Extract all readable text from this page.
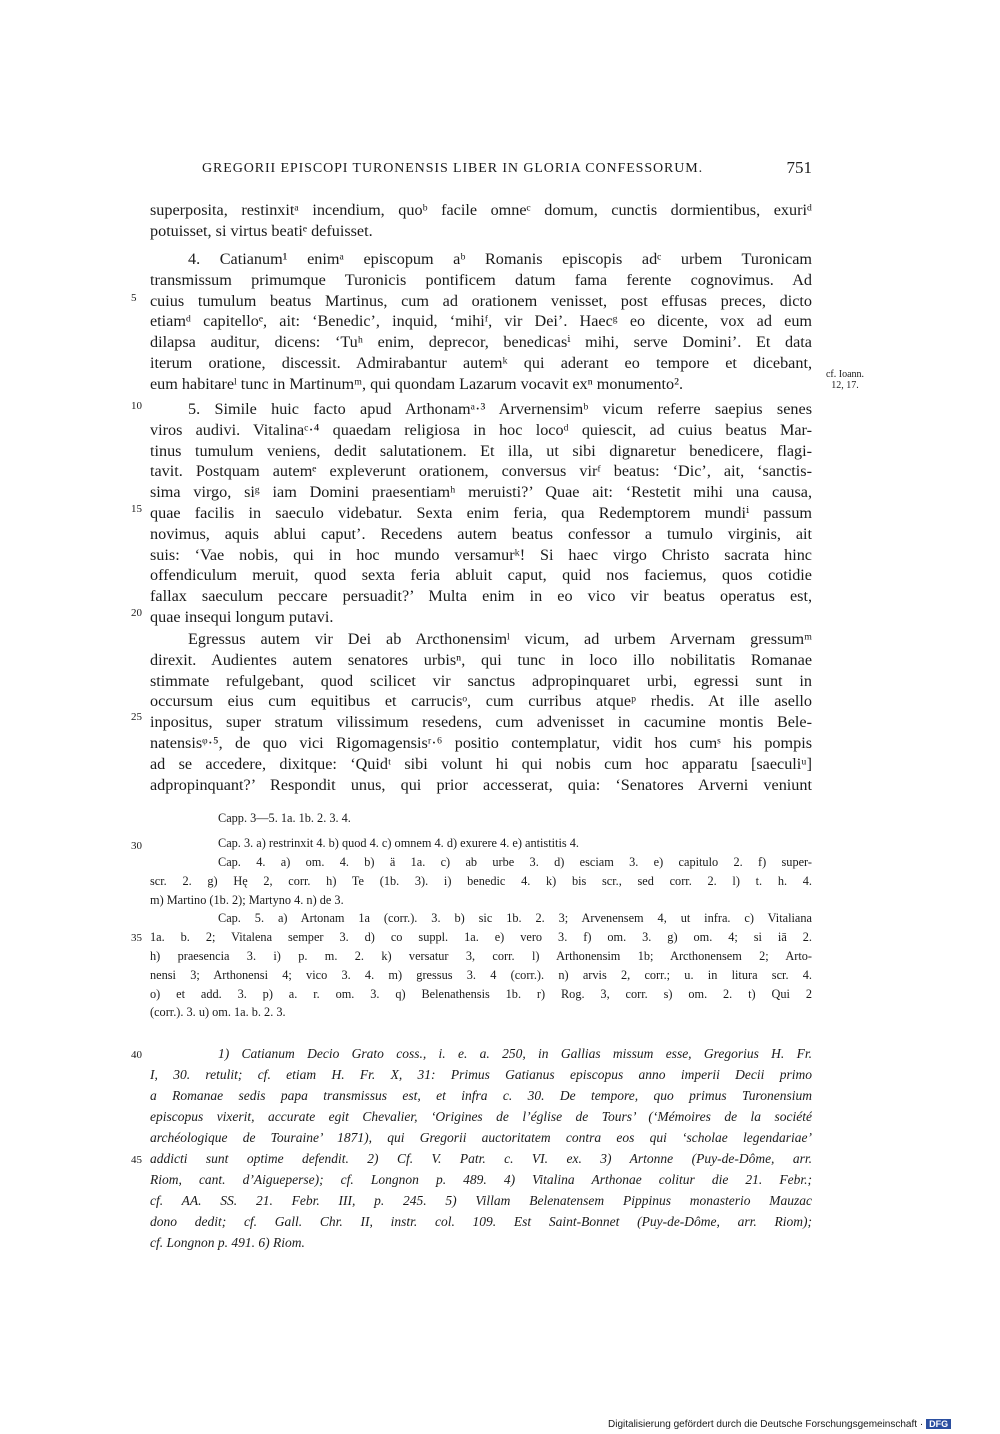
GREGORII EPISCOPI TURONENSIS LIBER IN GLORIA CONFESSORUM.	751
superposita, restinxitᵃ incendium, quoᵇ facile omneᶜ domum, cunctis dormientibus, exuriᵈ
potuisset, si virtus beatiᵉ defuisset.
4. Catianum¹ enimᵃ episcopum aᵇ Romanis episcopis adᶜ urbem Turonicam
transmissum primumque Turonicis pontificem datum fama ferente cognovimus. Ad
cuius tumulum beatus Martinus, cum ad orationem venisset, post effusas preces, dicto
etiamᵈ capitelloᵉ, ait: ‘Benedic’, inquid, ‘mihiᶠ, vir Dei’. Haecᵍ eo dicente, vox ad eum
dilapsa auditur, dicens: ‘Tuʰ enim, deprecor, benedicasⁱ mihi, serve Domini’. Et data
iterum oratione, discessit. Admirabantur autemᵏ qui aderant eo tempore et dicebant,
eum habitareˡ tunc in Martinumᵐ, qui quondam Lazarum vocavit exⁿ monumento².
5. Simile huic facto apud Arthonamᵃ·³ Arvernensimᵇ vicum referre saepius senes
viros audivi. Vitalinaᶜ·⁴ quaedam religiosa in hoc locoᵈ quiescit, ad cuius beatus Mar-
tinus tumulum veniens, dedit salutationem. Et illa, ut sibi dignaretur benedicere, flagi-
tavit. Postquam autemᵉ expleverunt orationem, conversus virᶠ beatus: ‘Dic’, ait, ‘sanctis-
sima virgo, siᵍ iam Domini praesentiamʰ meruisti?’ Quae ait: ‘Restetit mihi una causa,
quae facilis in saeculo videbatur. Sexta enim feria, qua Redemptorem mundiⁱ passum
novimus, aquis ablui caput’. Recedens autem beatus confessor a tumulo virginis, ait
suis: ‘Vae nobis, qui in hoc mundo versamurᵏ! Si haec virgo Christo sacrata hinc
offendiculum meruit, quod sexta feria abluit caput, quid nos faciemus, quos cotidie
fallax saeculum peccare persuadit?’ Multa enim in eo vico vir beatus operatus est,
quae insequi longum putavi.
Egressus autem vir Dei ab Arcthonensimˡ vicum, ad urbem Arvernam gressumᵐ
direxit. Audientes autem senatores urbisⁿ, qui tunc in loco illo nobilitatis Romanae
stimmate refulgebant, quod scilicet vir sanctus adpropinquaret urbi, egressi sunt in
occursum eius cum equitibus et carrucisᵒ, cum curribus atqueᵖ rhedis. At ille asello
inpositus, super stratum vilissimum resedens, cum advenisset in cacumine montis Bele-
natensisᵠ·⁵, de quo vici Rigomagensisʳ·⁶ positio contemplatur, vidit hos cumˢ his pompis
ad se accedere, dixitque: ‘Quidᵗ sibi volunt hi qui nobis cum hoc apparatu [saeculiᵘ]
adpropinquant?’ Respondit unus, qui prior accesserat, quia: ‘Senatores Arverni veniunt
cf. Ioann.
12, 17.
5
10
15
20
25
30
35
40
45
Capp. 3—5. 1a. 1b. 2. 3. 4.
Cap. 3. a) restrinxit 4. b) quod 4. c) omnem 4. d) exurere 4. e) antistitis 4.
Cap. 4. a) om. 4. b) ä 1a. c) ab urbe 3. d) esciam 3. e) capitulo 2. f) super-
scr. 2. g) Hę 2, corr. h) Te (1b. 3). i) benedic 4. k) bis scr., sed corr. 2. l) t. h. 4.
m) Martino (1b. 2); Martyno 4. n) de 3.
Cap. 5. a) Artonam 1a (corr.). 3. b) sic 1b. 2. 3; Arvenensem 4, ut infra. c) Vitaliana
1a. b. 2; Vitalena semper 3. d) co suppl. 1a. e) vero 3. f) om. 3. g) om. 4; si iā 2.
h) praesencia 3. i) p. m. 2. k) versatur 3, corr. l) Arthonensim 1b; Arcthonensem 2; Arto-
nensi 3; Arthonensi 4; vico 3. 4. m) gressus 3. 4 (corr.). n) arvis 2, corr.; u. in litura scr. 4.
o) et add. 3. p) a. r. om. 3. q) Belenathensis 1b. r) Rog. 3, corr. s) om. 2. t) Qui 2
(corr.). 3. u) om. 1a. b. 2. 3.
1) Catianum Decio Grato coss., i. e. a. 250, in Gallias missum esse, Gregorius H. Fr.
I, 30. retulit; cf. etiam H. Fr. X, 31: Primus Gatianus episcopus anno imperii Decii primo
a Romanae sedis papa transmissus est, et infra c. 30. De tempore, quo primus Turonensium
episcopus vixerit, accurate egit Chevalier, ‘Origines de l’église de Tours’ (‘Mémoires de la société
archéologique de Touraine’ 1871), qui Gregorii auctoritatem contra eos qui ‘scholae legendariae’
addicti sunt optime defendit. 2) Cf. V. Patr. c. VI. ex. 3) Artonne (Puy-de-Dôme, arr.
Riom, cant. d’Aigueperse); cf. Longnon p. 489. 4) Vitalina Arthonae colitur die 21. Febr.;
cf. AA. SS. 21. Febr. III, p. 245. 5) Villam Belenatensem Pippinus monasterio Mauzac
dono dedit; cf. Gall. Chr. II, instr. col. 109. Est Saint-Bonnet (Puy-de-Dôme, arr. Riom);
cf. Longnon p. 491. 6) Riom.
Digitalisierung gefördert durch die Deutsche Forschungsgemeinschaft · DFG
